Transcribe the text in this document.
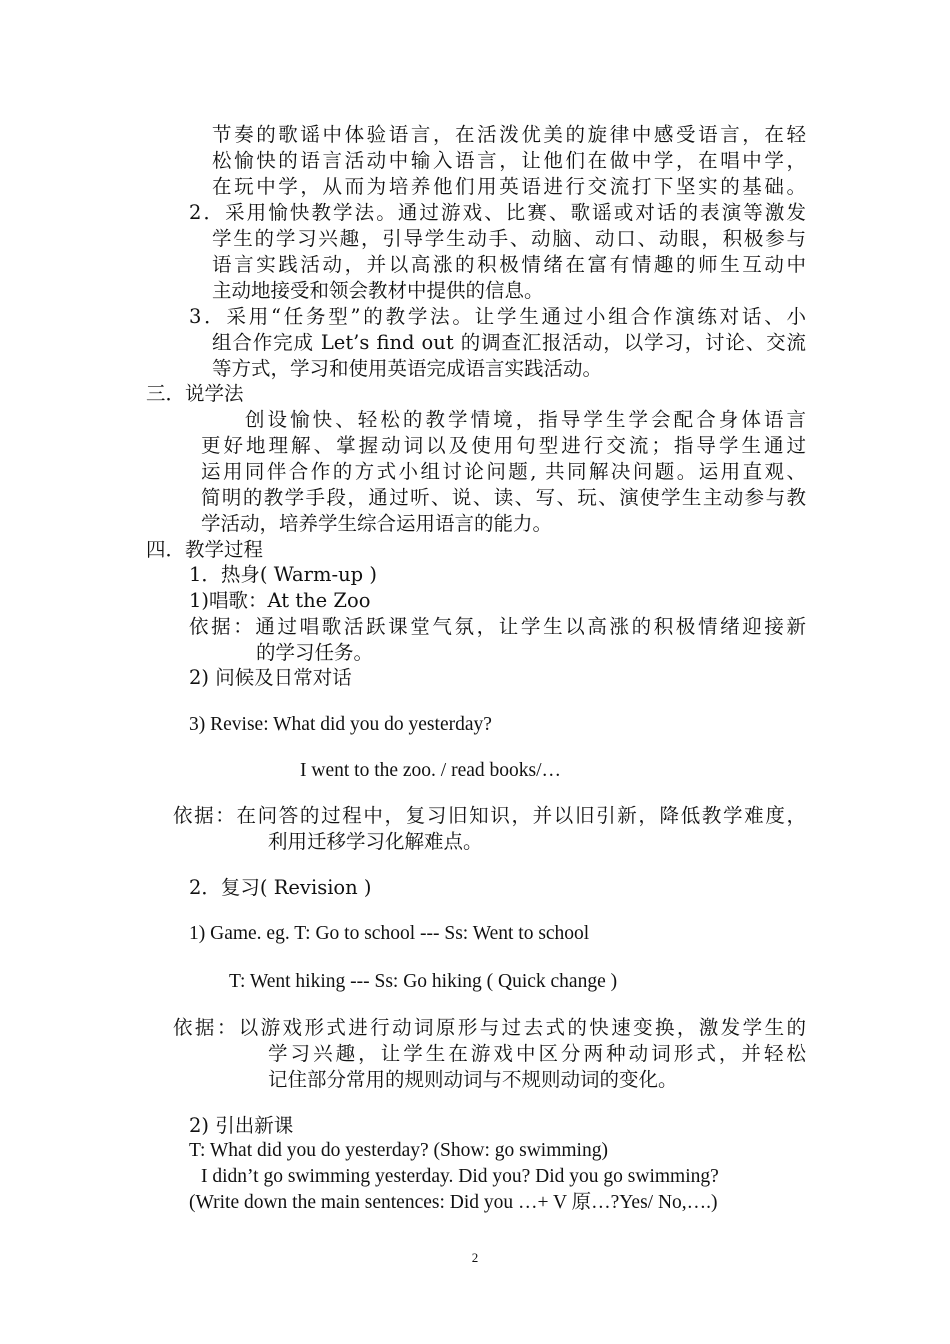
节奏的歌谣中体验语言，在活泼优美的旋律中感受语言，在轻
松愉快的语言活动中输入语言，让他们在做中学，在唱中学，
在玩中学，从而为培养他们用英语进行交流打下坚实的基础。
2．采用愉快教学法。通过游戏、比赛、歌谣或对话的表演等激发
学生的学习兴趣，引导学生动手、动脑、动口、动眼，积极参与
语言实践活动，并以高涨的积极情绪在富有情趣的师生互动中
主动地接受和领会教材中提供的信息。
3．采用“任务型”的教学法。让学生通过小组合作演练对话、小
组合作完成 Let’s find out 的调查汇报活动，以学习，讨论、交流
等方式，学习和使用英语完成语言实践活动。
三．说学法
创设愉快、轻松的教学情境，指导学生学会配合身体语言
更好地理解、掌握动词以及使用句型进行交流；指导学生通过
运用同伴合作的方式小组讨论问题, 共同解决问题。运用直观、
简明的教学手段，通过听、说、读、写、玩、演使学生主动参与教
学活动，培养学生综合运用语言的能力。
四．教学过程
1．热身( Warm-up )
1)唱歌：At the Zoo
依据：通过唱歌活跃课堂气氛，让学生以高涨的积极情绪迎接新
的学习任务。
2) 问候及日常对话
3) Revise: What did you do yesterday?
I went to the zoo. / read books/…
依据：在问答的过程中，复习旧知识，并以旧引新，降低教学难度，
利用迁移学习化解难点。
2．复习( Revision )
1) Game. eg. T: Go to school --- Ss: Went to school
T: Went hiking --- Ss: Go hiking ( Quick change )
依据：以游戏形式进行动词原形与过去式的快速变换，激发学生的
学习兴趣，让学生在游戏中区分两种动词形式，并轻松
记住部分常用的规则动词与不规则动词的变化。
2) 引出新课
T: What did you do yesterday? (Show: go swimming)
I didn’t go swimming yesterday. Did you? Did you go swimming?
(Write down the main sentences: Did you …+ V 原…?Yes/ No,….)
2
